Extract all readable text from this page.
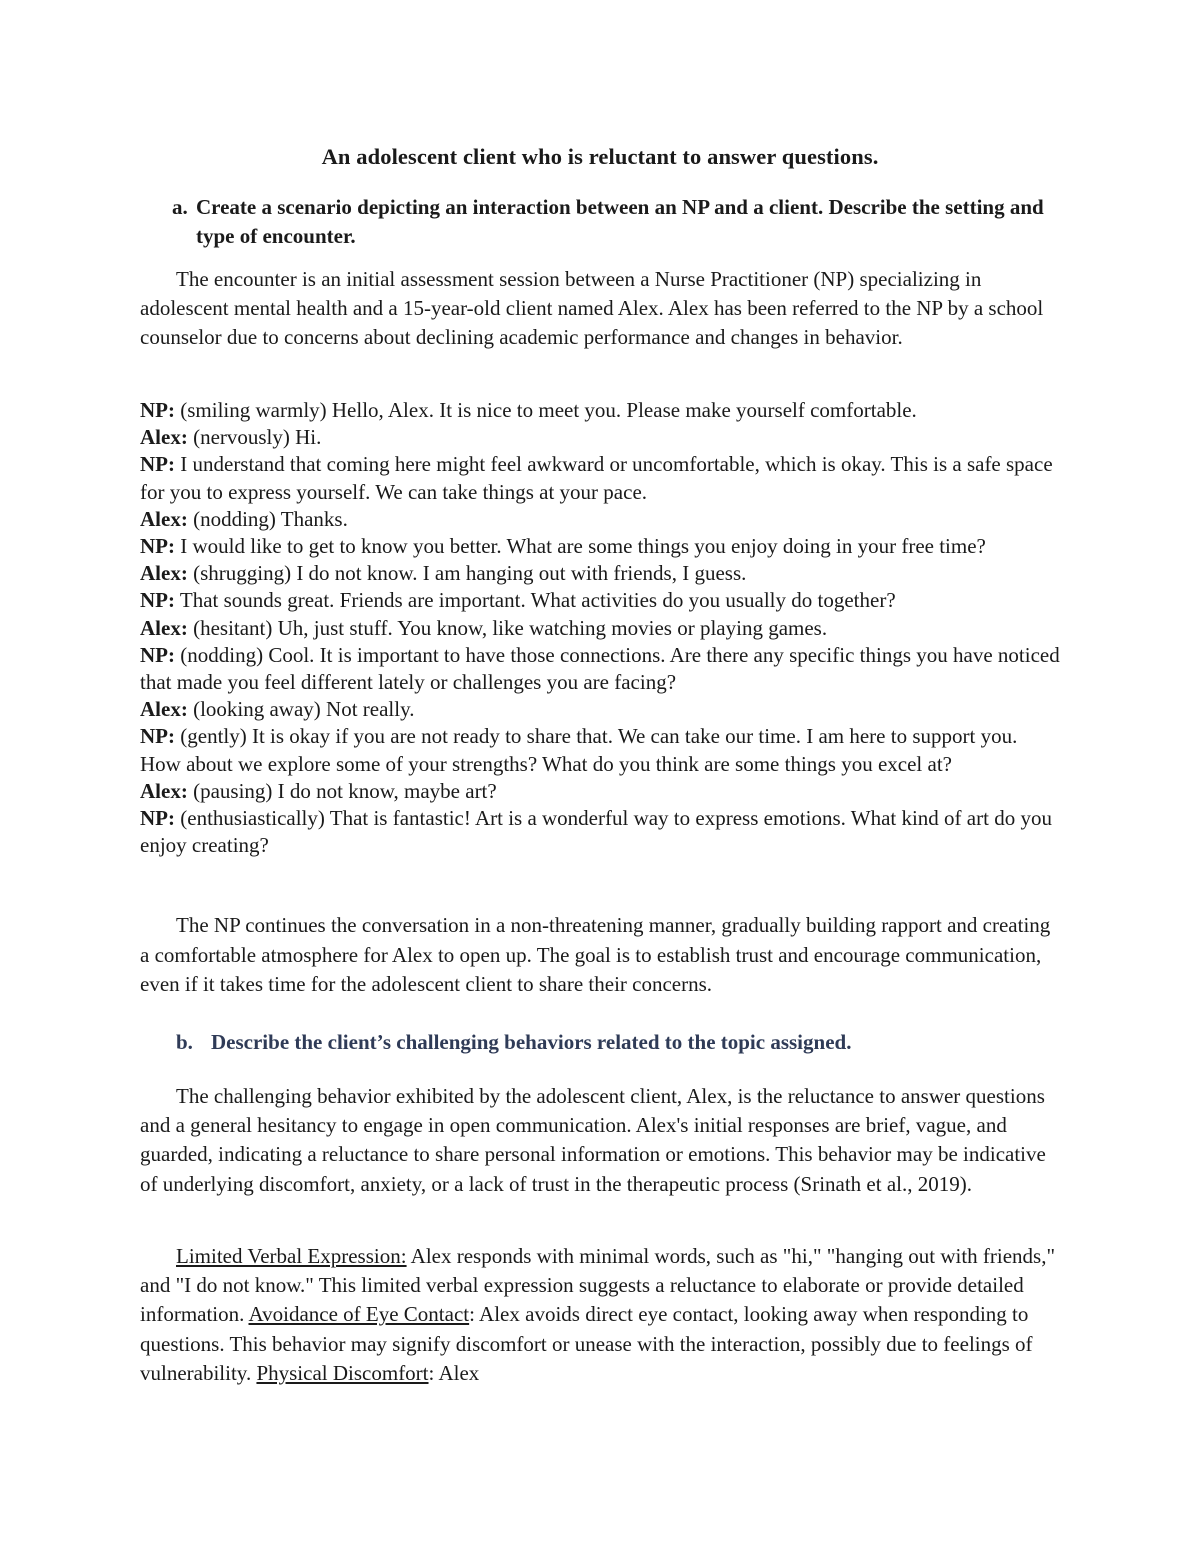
An adolescent client who is reluctant to answer questions.
a. Create a scenario depicting an interaction between an NP and a client. Describe the setting and type of encounter.

The encounter is an initial assessment session between a Nurse Practitioner (NP) specializing in adolescent mental health and a 15-year-old client named Alex. Alex has been referred to the NP by a school counselor due to concerns about declining academic performance and changes in behavior.

NP: (smiling warmly) Hello, Alex. It is nice to meet you. Please make yourself comfortable.
Alex: (nervously) Hi.
NP: I understand that coming here might feel awkward or uncomfortable, which is okay. This is a safe space for you to express yourself. We can take things at your pace.
Alex: (nodding) Thanks.
NP: I would like to get to know you better. What are some things you enjoy doing in your free time?
Alex: (shrugging) I do not know. I am hanging out with friends, I guess.
NP: That sounds great. Friends are important. What activities do you usually do together?
Alex: (hesitant) Uh, just stuff. You know, like watching movies or playing games.
NP: (nodding) Cool. It is important to have those connections. Are there any specific things you have noticed that made you feel different lately or challenges you are facing?
Alex: (looking away) Not really.
NP: (gently) It is okay if you are not ready to share that. We can take our time. I am here to support you. How about we explore some of your strengths? What do you think are some things you excel at?
Alex: (pausing) I do not know, maybe art?
NP: (enthusiastically) That is fantastic! Art is a wonderful way to express emotions. What kind of art do you enjoy creating?

The NP continues the conversation in a non-threatening manner, gradually building rapport and creating a comfortable atmosphere for Alex to open up. The goal is to establish trust and encourage communication, even if it takes time for the adolescent client to share their concerns.

b. Describe the client’s challenging behaviors related to the topic assigned.

The challenging behavior exhibited by the adolescent client, Alex, is the reluctance to answer questions and a general hesitancy to engage in open communication. Alex's initial responses are brief, vague, and guarded, indicating a reluctance to share personal information or emotions. This behavior may be indicative of underlying discomfort, anxiety, or a lack of trust in the therapeutic process (Srinath et al., 2019).

Limited Verbal Expression: Alex responds with minimal words, such as "hi," "hanging out with friends," and "I do not know." This limited verbal expression suggests a reluctance to elaborate or provide detailed information. Avoidance of Eye Contact: Alex avoids direct eye contact, looking away when responding to questions. This behavior may signify discomfort or unease with the interaction, possibly due to feelings of vulnerability. Physical Discomfort: Alex
